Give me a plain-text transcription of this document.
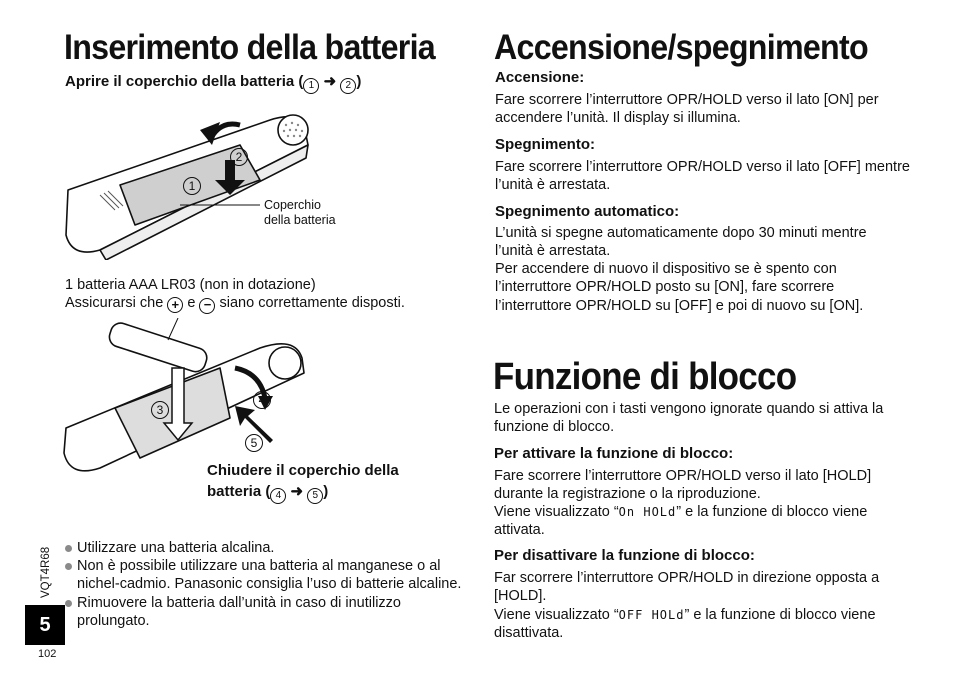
Inserimento della batteria
Aprire il coperchio della batteria ( 1 ➜ 2 )
2
1
Coperchio
della batteria
1 batteria AAA LR03 (non in dotazione)
Assicurarsi che + e − siano correttamente disposti.
3
4
5
Chiudere il coperchio della
batteria ( 4 ➜ 5 )
Utilizzare una batteria alcalina.
Non è possibile utilizzare una batteria al manganese o al nichel-cadmio. Panasonic consiglia l’uso di batterie alcaline.
Rimuovere la batteria dall’unità in caso di inutilizzo prolungato.
VQT4R68
5
102
Accensione/spegnimento
Accensione:
Fare scorrere l’interruttore OPR/HOLD verso il lato [ON] per accendere l’unità. Il display si illumina.
Spegnimento:
Fare scorrere l’interruttore OPR/HOLD verso il lato [OFF] mentre l’unità è arrestata.
Spegnimento automatico:
L’unità si spegne automaticamente dopo 30 minuti mentre l’unità è arrestata.
Per accendere di nuovo il dispositivo se è spento con l’interruttore OPR/HOLD posto su [ON], fare scorrere l’interruttore OPR/HOLD su [OFF] e poi di nuovo su [ON].
Funzione di blocco
Le operazioni con i tasti vengono ignorate quando si attiva la funzione di blocco.
Per attivare la funzione di blocco:
Fare scorrere l’interruttore OPR/HOLD verso il lato [HOLD] durante la registrazione o la riproduzione.
Viene visualizzato “On HOLd” e la funzione di blocco viene attivata.
Per disattivare la funzione di blocco:
Far scorrere l’interruttore OPR/HOLD in direzione opposta a [HOLD].
Viene visualizzato “OFF HOLd” e la funzione di blocco viene disattivata.
